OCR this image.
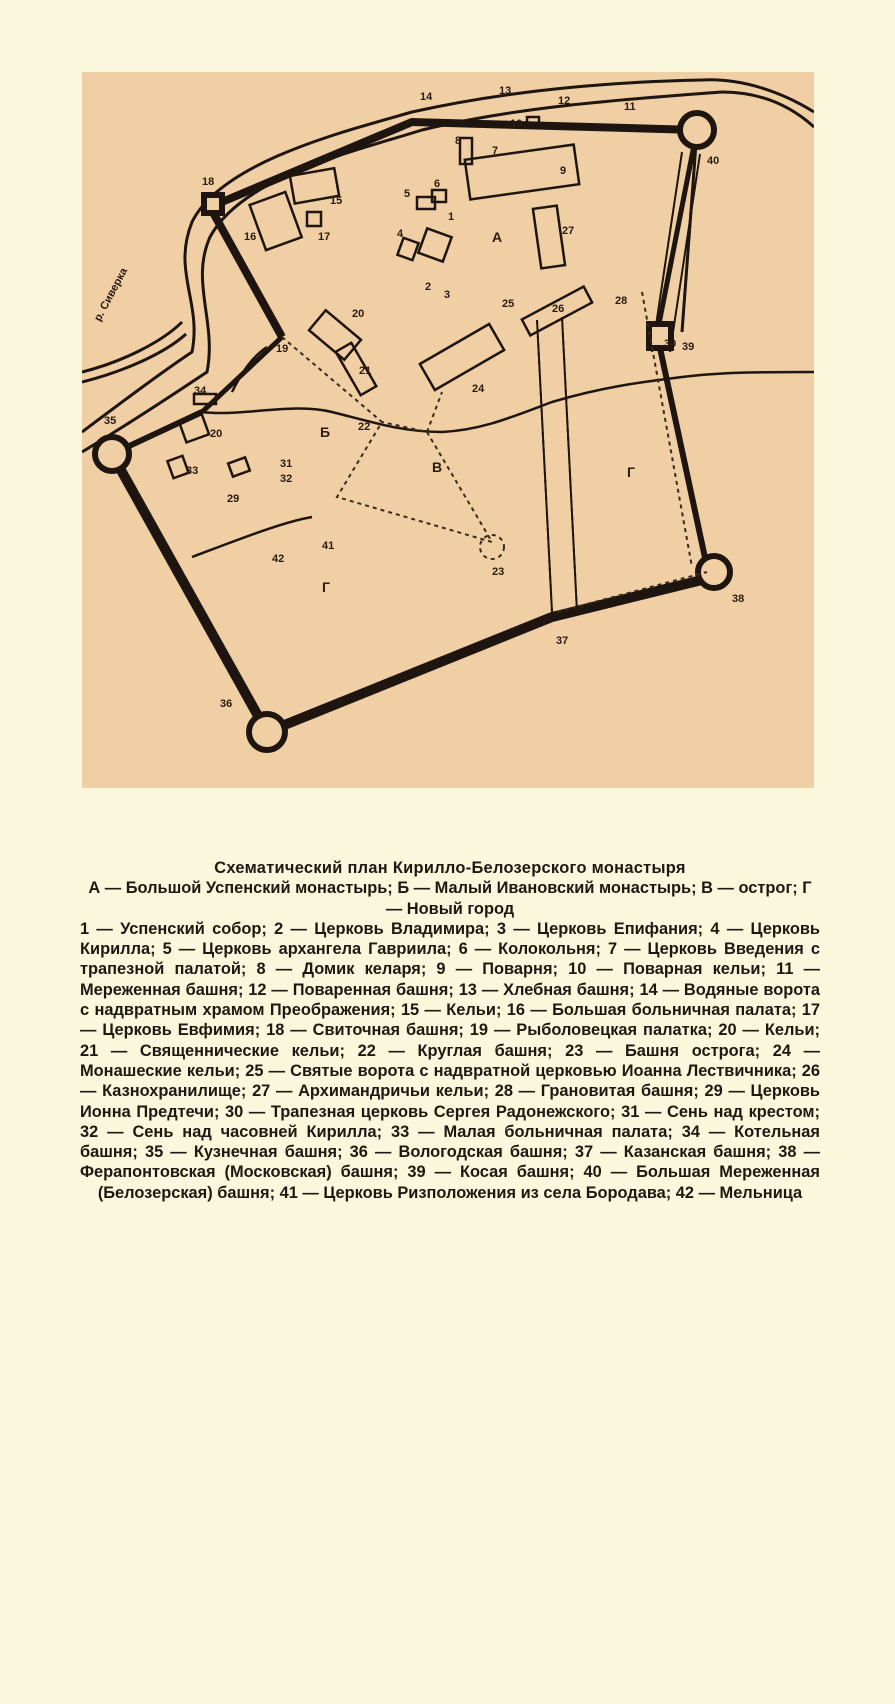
р. Сиверка
1
2
3
4
5
6
7
8
9
10
11
12
13
14
15
16	17
18
19
20
20
21
22
23
24
25	26
27
28
29
30
31
32
33
34
35
36
37
38
39
40
41
42
А
Б
В	Г
Г
Схематический план Кирилло-Белозерского монастыря
А — Большой Успенский монастырь; Б — Малый Ивановский монастырь; В — острог; Г — Новый город
1 — Успенский собор; 2 — Церковь Владимира; 3 — Церковь Епифания; 4 — Церковь Кирилла; 5 — Церковь архангела Гавриила; 6 — Колокольня; 7 — Церковь Введения с трапезной палатой; 8 — Домик келаря; 9 — Поварня; 10 — Поварная кельи; 11 — Мереженная башня; 12 — Поваренная башня; 13 — Хлебная башня; 14 — Водяные ворота с надвратным храмом Преображения; 15 — Кельи; 16 — Большая больничная палата; 17 — Церковь Евфимия; 18 — Свиточная башня; 19 — Рыболовецкая палатка; 20 — Кельи; 21 — Священнические кельи; 22 — Круглая башня; 23 — Башня острога; 24 — Монашеские кельи; 25 — Святые ворота с надвратной церковью Иоанна Лествичника; 26 — Казнохранилище; 27 — Архимандричьи кельи; 28 — Грановитая башня; 29 — Церковь Ионна Предтечи; 30 — Трапезная церковь Сергея Радонежского; 31 — Сень над крестом; 32 — Сень над часовней Кирилла; 33 — Малая больничная палата; 34 — Котельная башня; 35 — Кузнечная башня; 36 — Вологодская башня; 37 — Казанская башня; 38 — Ферапонтовская (Московская) башня; 39 — Косая башня; 40 — Большая Мереженная (Белозерская) башня; 41 — Церковь Ризположения из села Бородава; 42 — Мельница
